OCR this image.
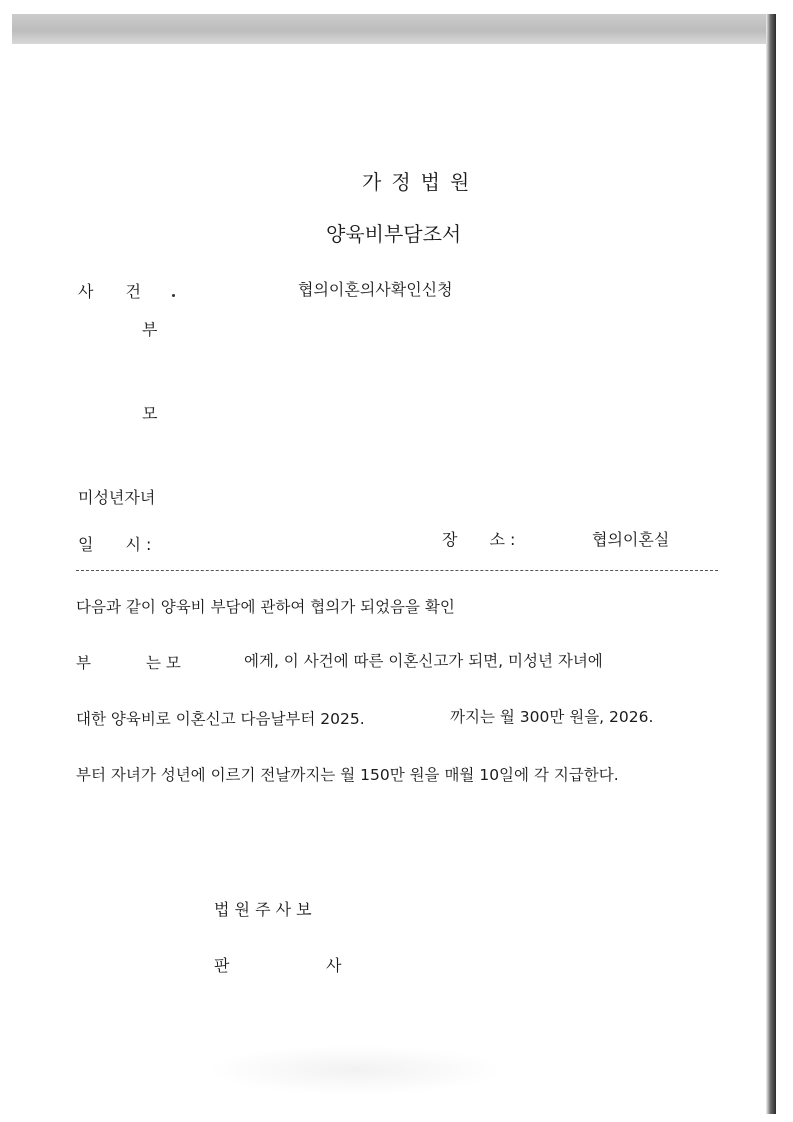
가정법원
양육비부담조서
사　　건	협의이혼의사확인신청
부
모
미성년자녀
일　　시 :	장　　소 :	협의이혼실
다음과 같이 양육비 부담에 관하여 협의가 되었음을 확인
부	는 모	에게, 이 사건에 따른 이혼신고가 되면, 미성년 자녀에
대한 양육비로 이혼신고 다음날부터 2025.	까지는 월 300만 원을, 2026.
부터 자녀가 성년에 이르기 전날까지는 월 150만 원을 매월 10일에 각 지급한다.
법 원 주 사 보
판	사
